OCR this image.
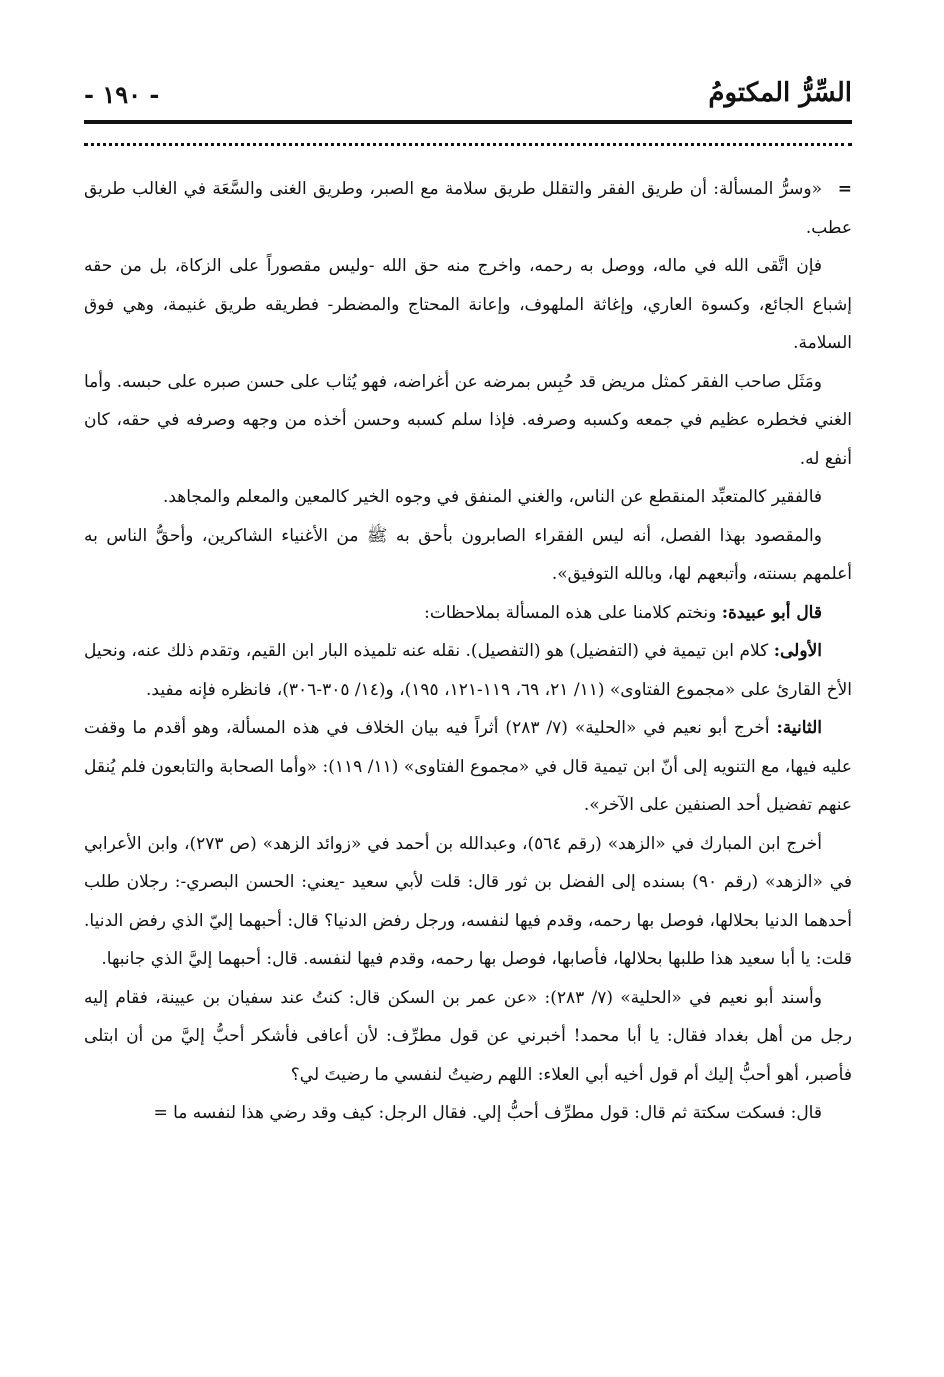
السِّرُّ المكتومُ
- ١٩٠ -

=«وسرُّ المسألة: أن طريق الفقر والتقلل طريق سلامة مع الصبر، وطريق الغنى والسَّعَة في الغالب طريق عطب.

فإن اتَّقى الله في ماله، ووصل به رحمه، واخرج منه حق الله -وليس مقصوراً على الزكاة، بل من حقه إشباع الجائع، وكسوة العاري، وإغاثة الملهوف، وإعانة المحتاج والمضطر- فطريقه طريق غنيمة، وهي فوق السلامة.

ومَثَل صاحب الفقر كمثل مريض قد حُبِس بمرضه عن أغراضه، فهو يُثاب على حسن صبره على حبسه. وأما الغني فخطره عظيم في جمعه وكسبه وصرفه. فإذا سلم كسبه وحسن أخذه من وجهه وصرفه في حقه، كان أنفع له.

فالفقير كالمتعبِّد المنقطع عن الناس، والغني المنفق في وجوه الخير كالمعين والمعلم والمجاهد.

والمقصود بهذا الفصل، أنه ليس الفقراء الصابرون بأحق به ﷺ من الأغنياء الشاكرين، وأحقُّ الناس به أعلمهم بسنته، وأتبعهم لها، وبالله التوفيق».

قال أبو عبيدة: ونختم كلامنا على هذه المسألة بملاحظات:

الأولى: كلام ابن تيمية في (التفضيل) هو (التفصيل). نقله عنه تلميذه البار ابن القيم، وتقدم ذلك عنه، ونحيل الأخ القارئ على «مجموع الفتاوى» (١١/ ٢١، ٦٩، ١١٩-١٢١، ١٩٥)، و(١٤/ ٣٠٥-٣٠٦)، فانظره فإنه مفيد.

الثانية: أخرج أبو نعيم في «الحلية» (٧/ ٢٨٣) أثراً فيه بيان الخلاف في هذه المسألة، وهو أقدم ما وقفت عليه فيها، مع التنويه إلى أنّ ابن تيمية قال في «مجموع الفتاوى» (١١/ ١١٩): «وأما الصحابة والتابعون فلم يُنقل عنهم تفضيل أحد الصنفين على الآخر».

أخرج ابن المبارك في «الزهد» (رقم ٥٦٤)، وعبدالله بن أحمد في «زوائد الزهد» (ص ٢٧٣)، وابن الأعرابي في «الزهد» (رقم ٩٠) بسنده إلى الفضل بن ثور قال: قلت لأبي سعيد -يعني: الحسن البصري-: رجلان طلب أحدهما الدنيا بحلالها، فوصل بها رحمه، وقدم فيها لنفسه، ورجل رفض الدنيا؟ قال: أحبهما إليّ الذي رفض الدنيا. قلت: يا أبا سعيد هذا طلبها بحلالها، فأصابها، فوصل بها رحمه، وقدم فيها لنفسه. قال: أحبهما إليَّ الذي جانبها.

وأسند أبو نعيم في «الحلية» (٧/ ٢٨٣): «عن عمر بن السكن قال: كنتُ عند سفيان بن عيينة، فقام إليه رجل من أهل بغداد فقال: يا أبا محمد! أخبرني عن قول مطرِّف: لأن أعافى فأشكر أحبُّ إليَّ من أن ابتلى فأصبر، أهو أحبُّ إليك أم قول أخيه أبي العلاء: اللهم رضيتُ لنفسي ما رضيتَ لي؟

قال: فسكت سكتة ثم قال: قول مطرِّف أحبُّ إلي. فقال الرجل: كيف وقد رضي هذا لنفسه ما =
